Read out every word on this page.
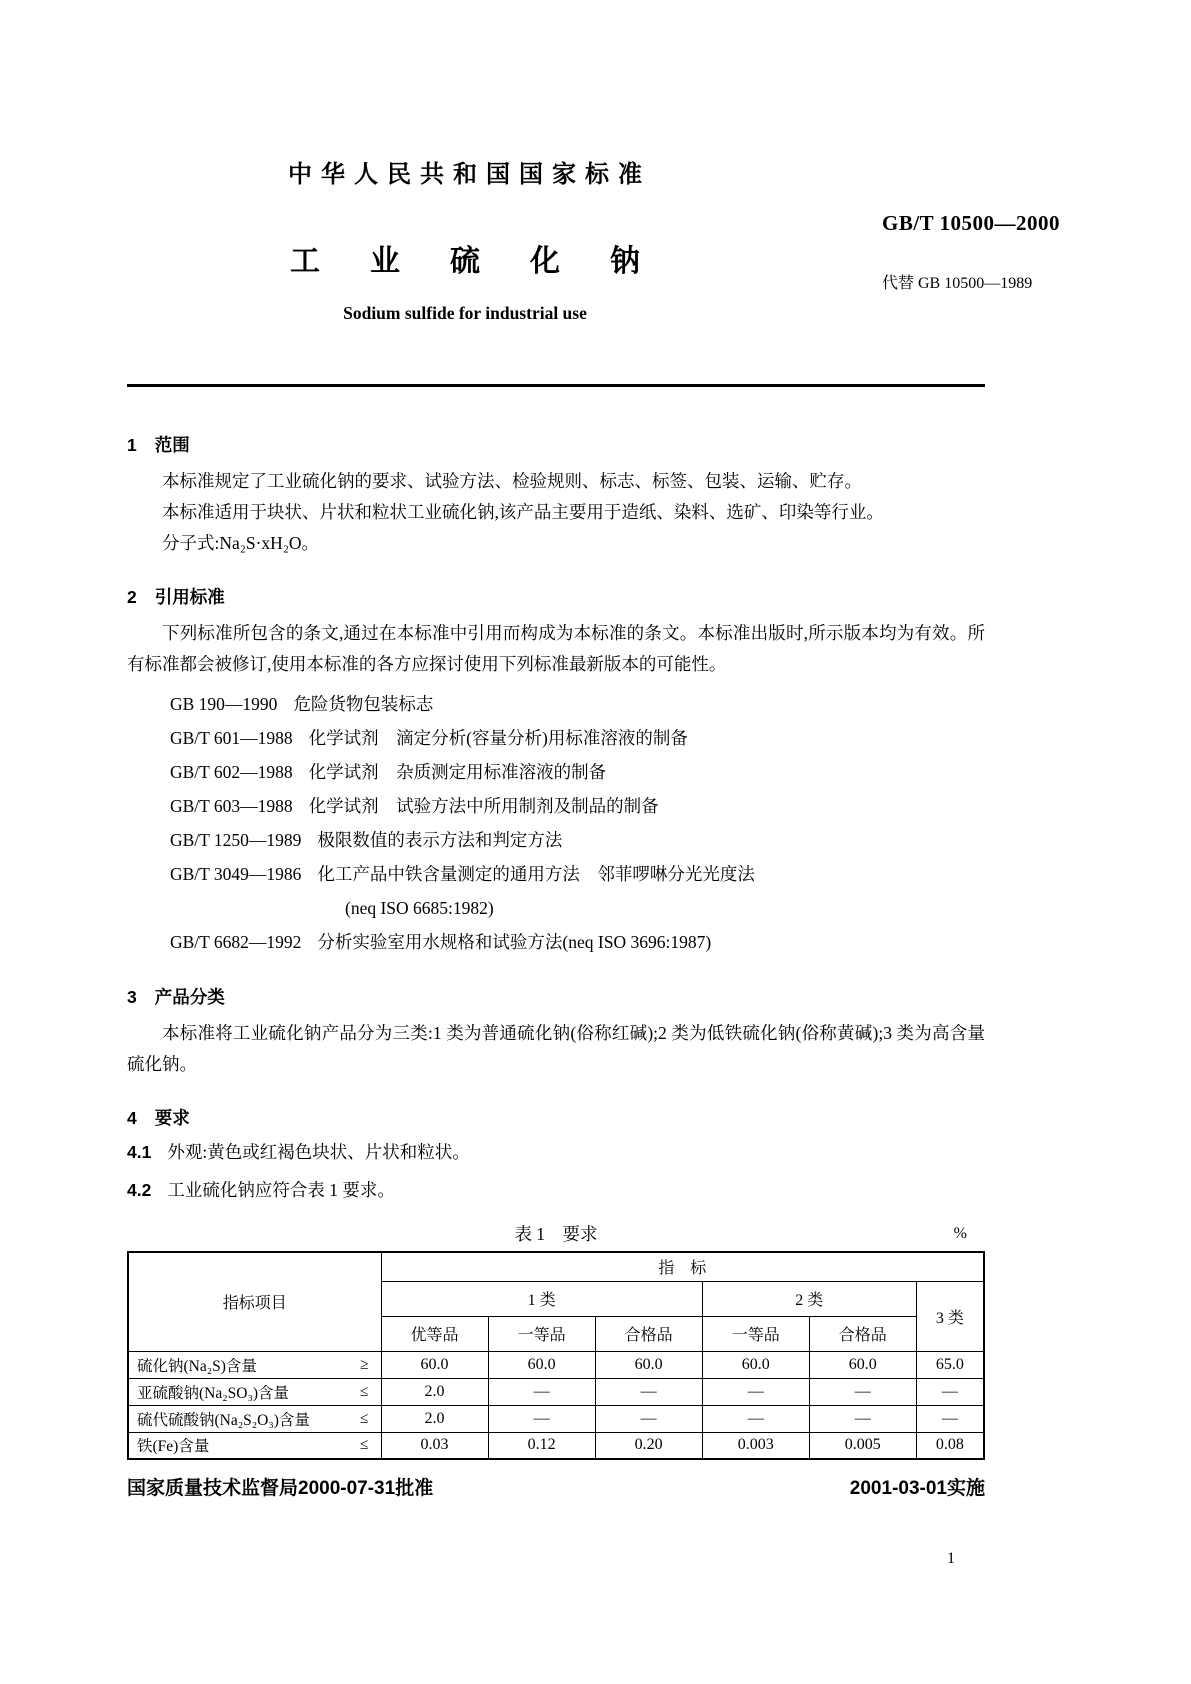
中华人民共和国国家标准
工业硫化钠
Sodium sulfide for industrial use
GB/T 10500—2000
代替 GB 10500—1989
1 范围

本标准规定了工业硫化钠的要求、试验方法、检验规则、标志、标签、包装、运输、贮存。

本标准适用于块状、片状和粒状工业硫化钠,该产品主要用于造纸、染料、选矿、印染等行业。

分子式:Na₂S·xH₂O。

2 引用标准

下列标准所包含的条文,通过在本标准中引用而构成为本标准的条文。本标准出版时,所示版本均为有效。所有标准都会被修订,使用本标准的各方应探讨使用下列标准最新版本的可能性。

GB 190—1990 危险货物包装标志
GB/T 601—1988 化学试剂　滴定分析(容量分析)用标准溶液的制备
GB/T 602—1988 化学试剂　杂质测定用标准溶液的制备
GB/T 603—1988 化学试剂　试验方法中所用制剂及制品的制备
GB/T 1250—1989 极限数值的表示方法和判定方法
GB/T 3049—1986 化工产品中铁含量测定的通用方法　邻菲啰啉分光光度法
(neq ISO 6685:1982)
GB/T 6682—1992 分析实验室用水规格和试验方法(neq ISO 3696:1987)
3 产品分类

本标准将工业硫化钠产品分为三类:1 类为普通硫化钠(俗称红碱);2 类为低铁硫化钠(俗称黄碱);3 类为高含量硫化钠。

4 要求
4.1 外观:黄色或红褐色块状、片状和粒状。
4.2 工业硫化钠应符合表 1 要求。
表 1　要求	%
指标项目	指　标					
	1 类			2 类		3 类
	优等品	一等品	合格品	一等品	合格品	

硫化钠(Na₂S)含量 ≥	60.0	60.0	60.0	60.0	60.0	65.0

亚硫酸钠(Na₂SO₃)含量 ≤	2.0	—	—	—	—	—

硫代硫酸钠(Na₂S₂O₃)含量 ≤	2.0	—	—	—	—	—

铁(Fe)含量 ≤	0.03	0.12	0.20	0.003	0.005	0.08
国家质量技术监督局2000-07-31批准	2001-03-01实施
1
